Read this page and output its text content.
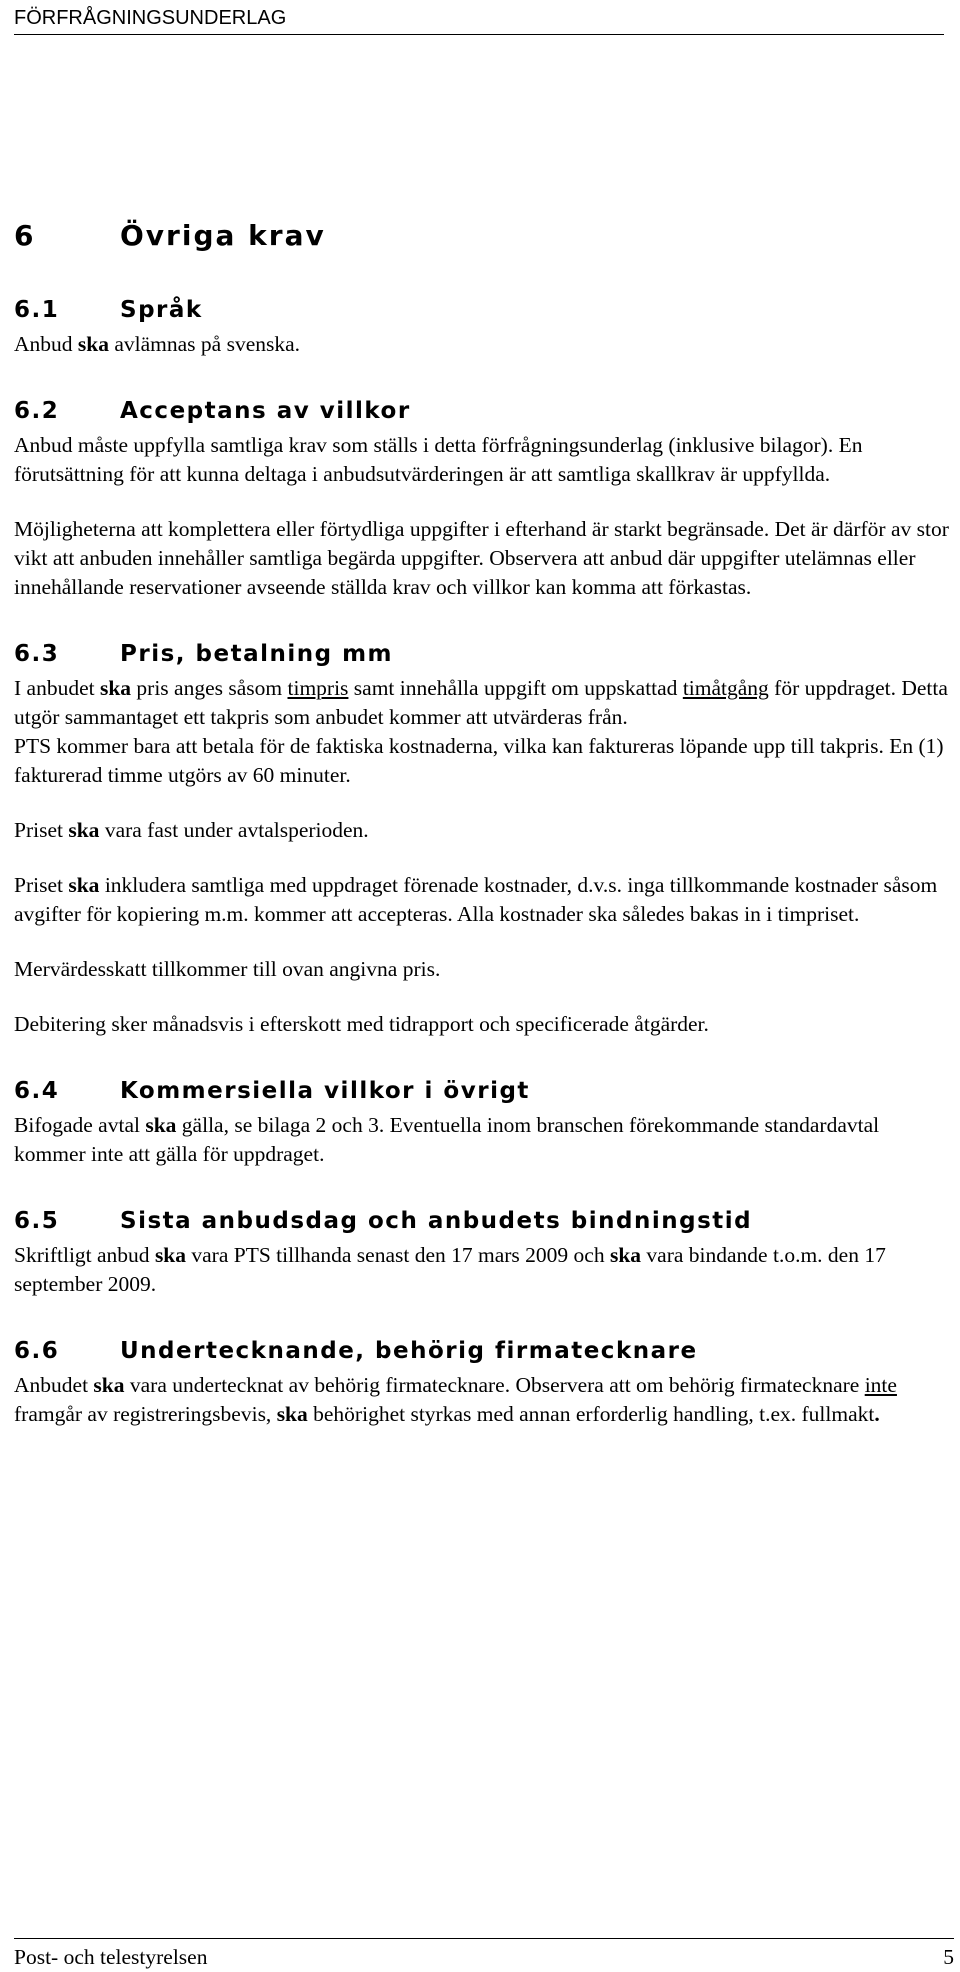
FÖRFRÅGNINGSUNDERLAG
6	Övriga krav
6.1	Språk

Anbud ska avlämnas på svenska.

6.2	Acceptans av villkor

Anbud måste uppfylla samtliga krav som ställs i detta förfrågningsunderlag (inklusive bilagor). En förutsättning för att kunna deltaga i anbudsutvärderingen är att samtliga skallkrav är uppfyllda.

Möjligheterna att komplettera eller förtydliga uppgifter i efterhand är starkt begränsade. Det är därför av stor vikt att anbuden innehåller samtliga begärda uppgifter. Observera att anbud där uppgifter utelämnas eller innehållande reservationer avseende ställda krav och villkor kan komma att förkastas.

6.3	Pris, betalning mm

I anbudet ska pris anges såsom timpris samt innehålla uppgift om uppskattad timåtgång för uppdraget. Detta utgör sammantaget ett takpris som anbudet kommer att utvärderas från.

PTS kommer bara att betala för de faktiska kostnaderna, vilka kan faktureras löpande upp till takpris. En (1) fakturerad timme utgörs av 60 minuter.

Priset ska vara fast under avtalsperioden.

Priset ska inkludera samtliga med uppdraget förenade kostnader, d.v.s. inga tillkommande kostnader såsom avgifter för kopiering m.m. kommer att accepteras. Alla kostnader ska således bakas in i timpriset.

Mervärdesskatt tillkommer till ovan angivna pris.

Debitering sker månadsvis i efterskott med tidrapport och specificerade åtgärder.

6.4	Kommersiella villkor i övrigt

Bifogade avtal ska gälla, se bilaga 2 och 3. Eventuella inom branschen förekommande standardavtal kommer inte att gälla för uppdraget.

6.5	Sista anbudsdag och anbudets bindningstid

Skriftligt anbud ska vara PTS tillhanda senast den 17 mars 2009 och ska vara bindande t.o.m. den 17 september 2009.

6.6	Undertecknande, behörig firmatecknare

Anbudet ska vara undertecknat av behörig firmatecknare. Observera att om behörig firmatecknare inte framgår av registreringsbevis, ska behörighet styrkas med annan erforderlig handling, t.ex. fullmakt.

Post- och telestyrelsen	5
